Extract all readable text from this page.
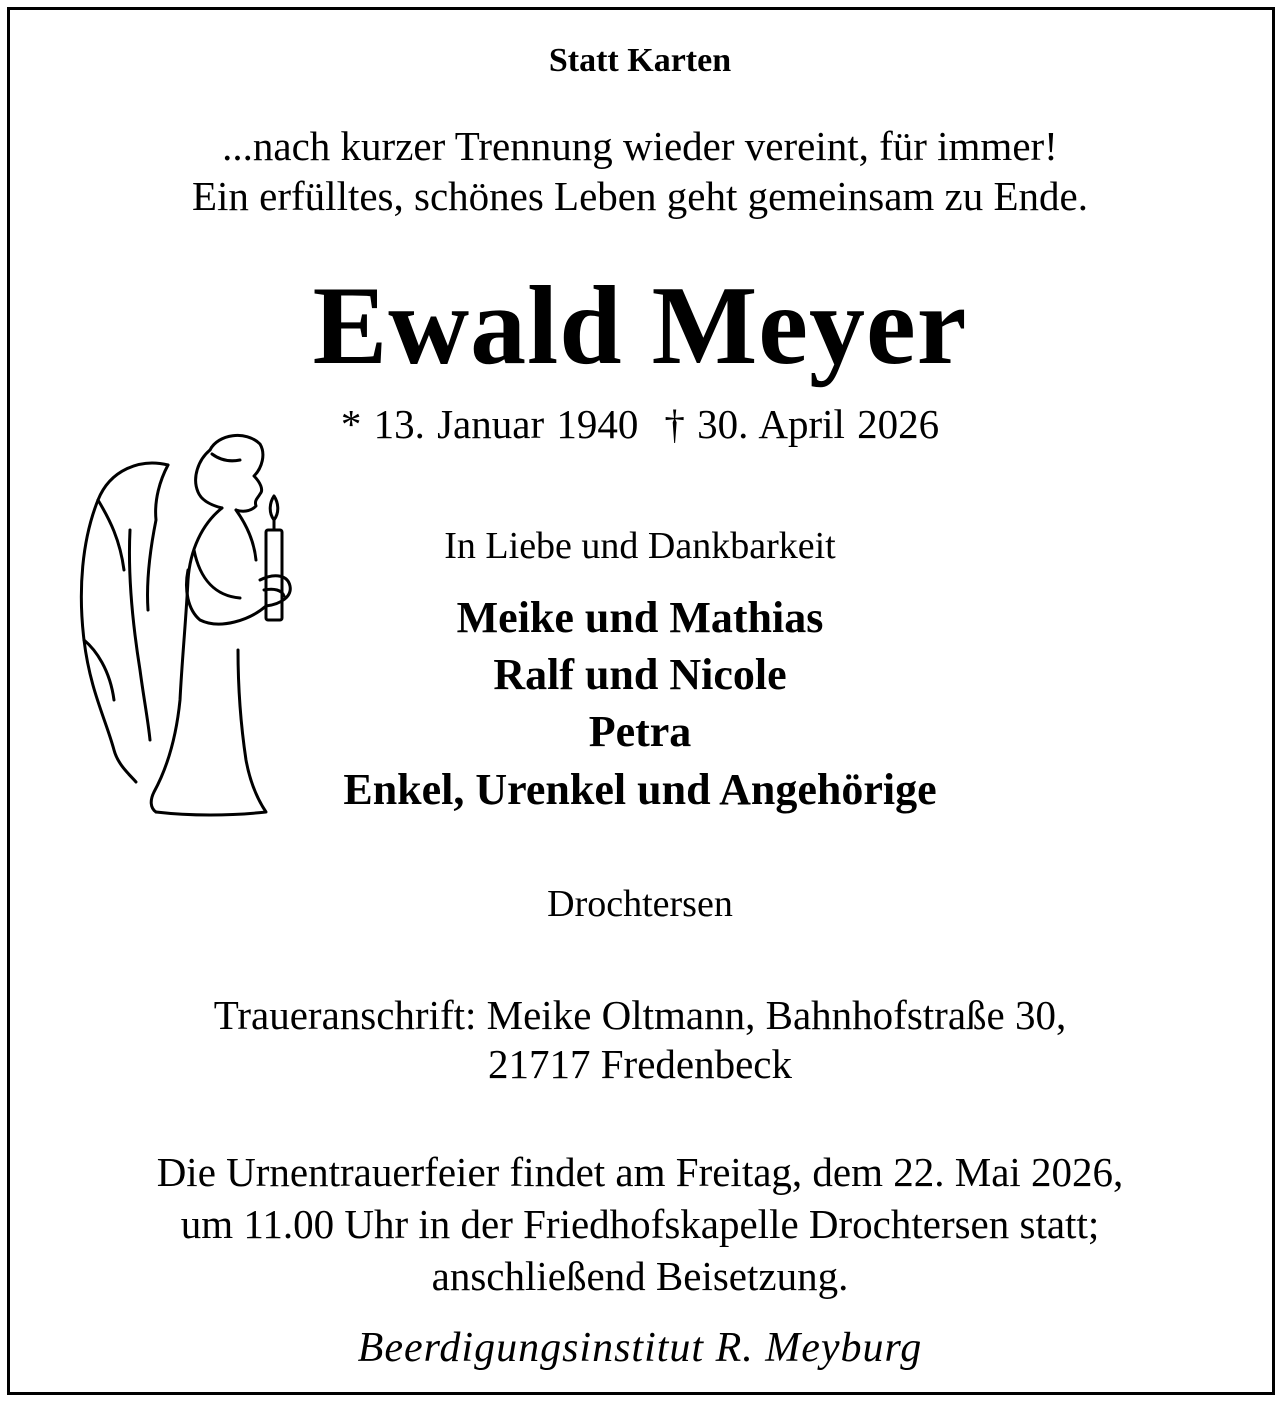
Statt Karten

...nach kurzer Trennung wieder vereint, für immer!

Ein erfülltes, schönes Leben geht gemeinsam zu Ende.

Ewald Meyer

* 13. Januar 1940 † 30. April 2026

In Liebe und Dankbarkeit

Meike und Mathias

Ralf und Nicole

Petra

Enkel, Urenkel und Angehörige

Drochtersen

Traueranschrift: Meike Oltmann, Bahnhofstraße 30,

21717 Fredenbeck

Die Urnentrauerfeier findet am Freitag, dem 22. Mai 2026,

um 11.00 Uhr in der Friedhofskapelle Drochtersen statt;

anschließend Beisetzung.

Beerdigungsinstitut R. Meyburg
